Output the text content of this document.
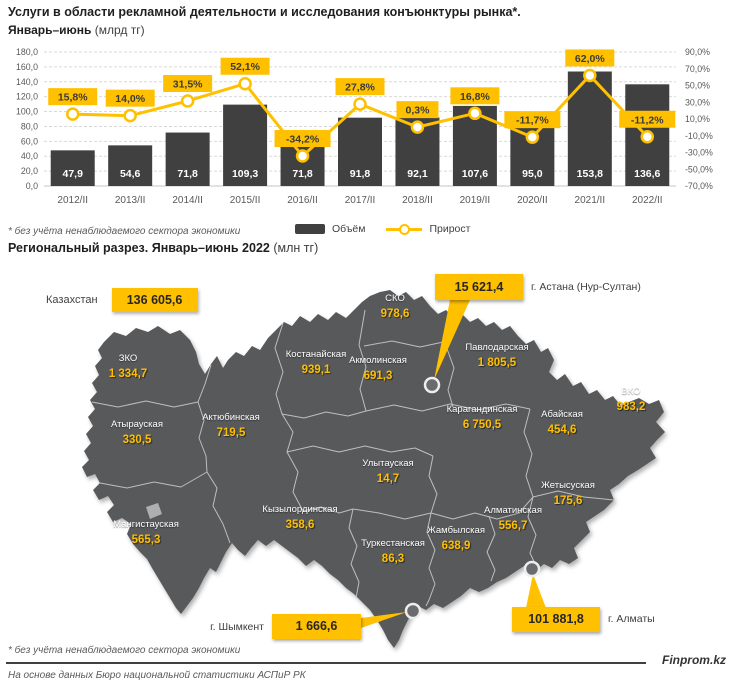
Услуги в области рекламной деятельности и исследования конъюнктуры рынка*.
Январь–июнь (млрд тг)
180,0
160,0
140,0
120,0
100,0
80,0
60,0
40,0
20,0
0,0
90,0%
70,0%
50,0%
30,0%
10,0%
-10,0%
-30,0%
-50,0%
-70,0%
47,9	54,6	71,8	109,3	71,8	91,8	92,1	107,6	95,0	153,8	136,6
2012/II	2013/II	2014/II	2015/II	2016/II	2017/II	2018/II	2019/II	2020/II	2021/II	2022/II
15,8%	14,0%
31,5%
52,1%
-34,2%
27,8%
0,3%
16,8%
-11,7%
62,0%
-11,2%
* без учёта ненаблюдаемого сектора экономики	Объём	Прирост
Региональный разрез. Январь–июнь 2022 (млн тг)
Казахстан	136 605,6
ЗКО
1 334,7
Атырауская
330,5
Мангистауская
565,3
Актюбинская
719,5
Костанайская
939,1
СКО
978,6
Акмолинская
691,3
Павлодарская
1 805,5
Карагандинская
6 750,5
Абайская
454,6
ВКО
983,2
Улытауская
14,7
Кызылординская
358,6
Туркестанская
86,3
Жамбылская
638,9
Алматинская
556,7
Жетысуская
175,6
15 621,4	г. Астана (Нур-Султан)
г. Шымкент	1 666,6	101 881,8	г. Алматы
* без учёта ненаблюдаемого сектора экономики
Finprom.kz
На основе данных Бюро национальной статистики АСПиР РК
